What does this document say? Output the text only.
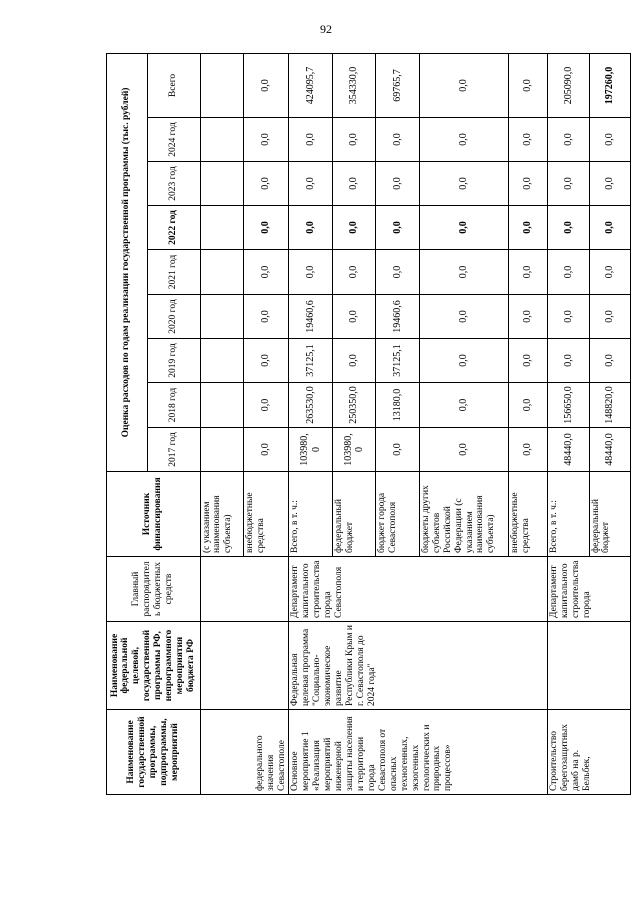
92
Наименование государственной программы, подпрограммы, мероприятий	Наименование федеральной целевой, государственной программы РФ, непрограммного мероприятия бюджета РФ	Главный распорядитель бюджетных средств	Источник финансирования	Оценка расходов по годам реализации государственной программы (тыс. рублей)								
				2017 год	2018 год	2019 год	2020 год	2021 год	2022 год	2023 год	2024 год	Всего
федерального значения Севастополе			(с указанием наименования субъекта)									
			внебюджетные средства	0,0	0,0	0,0	0,0	0,0	0,0	0,0	0,0	0,0
Основное мероприятие 1 «Реализация мероприятий инженерной защиты населения и территории города Севастополя от опасных техногенных, экзогенных геологических и природных процессов»	Федеральная целевая программа "Социально-экономическое развитие Республики Крым и г. Севастополя до 2024 года"	Департамент капитального строительства города Севастополя	Всего, в т. ч.:	103980,0	263530,0	37125,1	19460,6	0,0	0,0	0,0	0,0	424095,7
			федеральный бюджет	103980,0	250350,0	0,0	0,0	0,0	0,0	0,0	0,0	354330,0
			бюджет города Севастополя	0,0	13180,0	37125,1	19460,6	0,0	0,0	0,0	0,0	69765,7
			бюджеты других субъектов Российской Федерации (с указанием наименования субъекта)	0,0	0,0	0,0	0,0	0,0	0,0	0,0	0,0	0,0
			внебюджетные средства	0,0	0,0	0,0	0,0	0,0	0,0	0,0	0,0	0,0
Строительство берегозащитных дамб на р. Бельбек,		Департамент капитального строительства города	Всего, в т. ч.:	48440,0	156650,0	0,0	0,0	0,0	0,0	0,0	0,0	205090,0
			федеральный бюджет	48440,0	148820,0	0,0	0,0	0,0	0,0	0,0	0,0	197260,0
